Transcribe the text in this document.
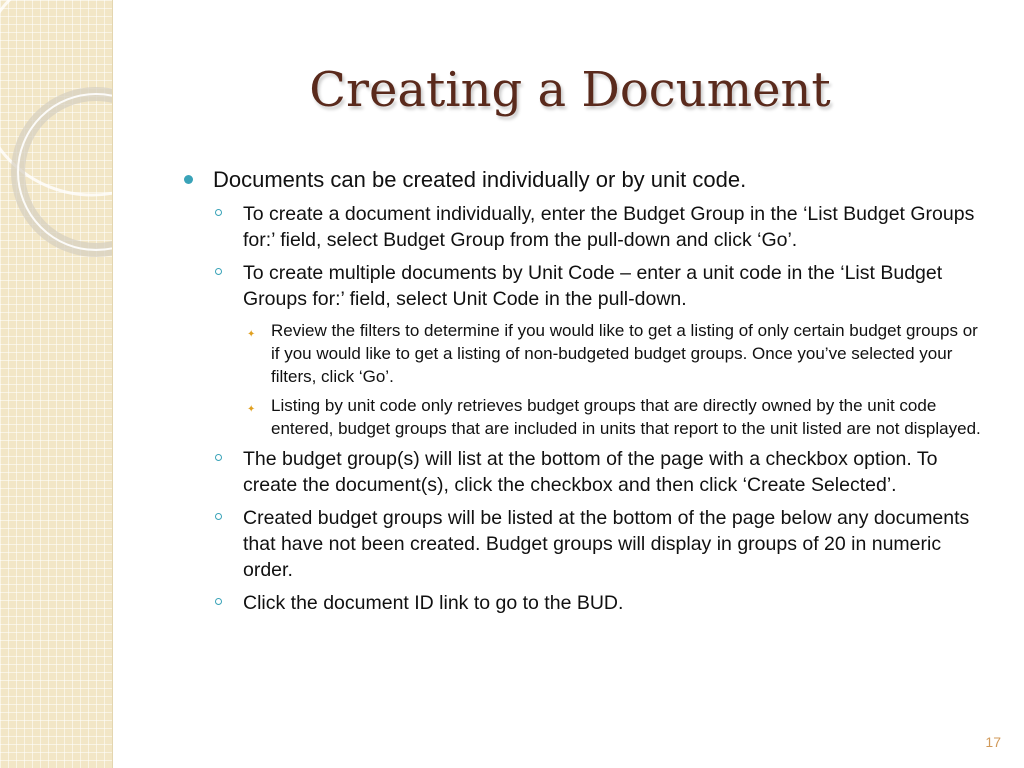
Creating a Document
Documents can be created individually or by unit code.
To create a document individually, enter the Budget Group in the ‘List Budget Groups for:’ field, select Budget Group from the pull-down and click ‘Go’.
To create multiple documents by Unit Code – enter a unit code in the ‘List Budget Groups for:’ field, select Unit Code in the pull-down.
✦ Review the filters to determine if you would like to get a listing of only certain budget groups or if you would like to get a listing of non-budgeted budget groups. Once you’ve selected your filters, click ‘Go’.
✦ Listing by unit code only retrieves budget groups that are directly owned by the unit code entered, budget groups that are included in units that report to the unit listed are not displayed.
The budget group(s) will list at the bottom of the page with a checkbox option. To create the document(s), click the checkbox and then click ‘Create Selected’.
Created budget groups will be listed at the bottom of the page below any documents that have not been created. Budget groups will display in groups of 20 in numeric order.
Click the document ID link to go to the BUD.
17
